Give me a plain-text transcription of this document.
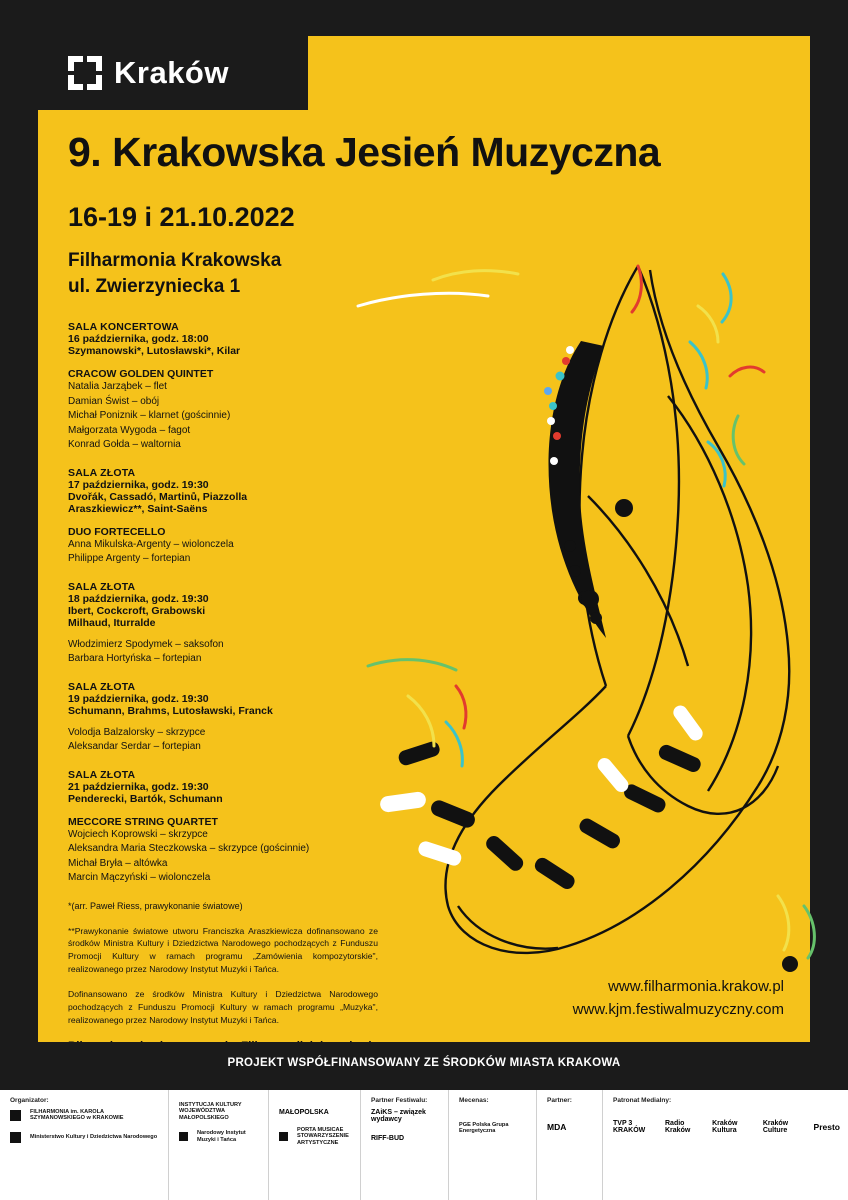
Kraków
9. Krakowska Jesień Muzyczna
16-19 i 21.10.2022
Filharmonia Krakowska
ul. Zwierzyniecka 1
SALA KONCERTOWA
16 października, godz. 18:00
Szymanowski*, Lutosławski*, Kilar
CRACOW GOLDEN QUINTET
Natalia Jarząbek – flet
Damian Świst – obój
Michał Poniznik – klarnet (gościnnie)
Małgorzata Wygoda – fagot
Konrad Gołda – waltornia
SALA ZŁOTA
17 października, godz. 19:30
Dvořák, Cassadó, Martinů, Piazzolla
Araszkiewicz**, Saint-Saëns
DUO FORTECELLO
Anna Mikulska-Argenty – wiolonczela
Philippe Argenty – fortepian
SALA ZŁOTA
18 października, godz. 19:30
Ibert, Cockcroft, Grabowski
Milhaud, Iturralde
Włodzimierz Spodymek – saksofon
Barbara Hortyńska – fortepian
SALA ZŁOTA
19 października, godz. 19:30
Schumann, Brahms, Lutosławski, Franck
Volodja Balzalorsky – skrzypce
Aleksandar Serdar – fortepian
SALA ZŁOTA
21 października, godz. 19:30
Penderecki, Bartók, Schumann
MECCORE STRING QUARTET
Wojciech Koprowski – skrzypce
Aleksandra Maria Steczkowska – skrzypce (gościnnie)
Michał Bryła – altówka
Marcin Mączyński – wiolonczela
*(arr. Paweł Riess, prawykonanie światowe)
**Prawykonanie światowe utworu Franciszka Araszkiewicza dofinansowano ze środków Ministra Kultury i Dziedzictwa Narodowego pochodzących z Funduszu Promocji Kultury w ramach programu „Zamówienia kompozytorskie", realizowanego przez Narodowy Instytut Muzyki i Tańca.
Dofinansowano ze środków Ministra Kultury i Dziedzictwa Narodowego pochodzących z Funduszu Promocji Kultury w ramach programu „Muzyka", realizowanego przez Narodowy Instytut Muzyki i Tańca.
www.filharmonia.krakow.pl
www.kjm.festiwalmuzyczny.com
PROJEKT WSPÓŁFINANSOWANY ZE ŚRODKÓW MIASTA KRAKOWA
Organizator:
FILHARMONIA im. KAROLA SZYMANOWSKIEGO w KRAKOWIE
Ministerstwo Kultury i Dziedzictwa Narodowego
INSTYTUCJA KULTURY WOJEWÓDZTWA MAŁOPOLSKIEGO
Narodowy Instytut Muzyki i Tańca

MAŁOPOLSKA
PORTA MUSICAE STOWARZYSZENIE ARTYSTYCZNE
Partner Festiwalu:
ZAiKS – związek wydawcy
RIFF-BUD
Mecenas:
PGE Polska Grupa Energetyczna
Partner:
MDA
Patronat Medialny:
TVP 3 KRAKÓW
Radio Kraków
Kraków Kultura
Kraków Culture	Presto
